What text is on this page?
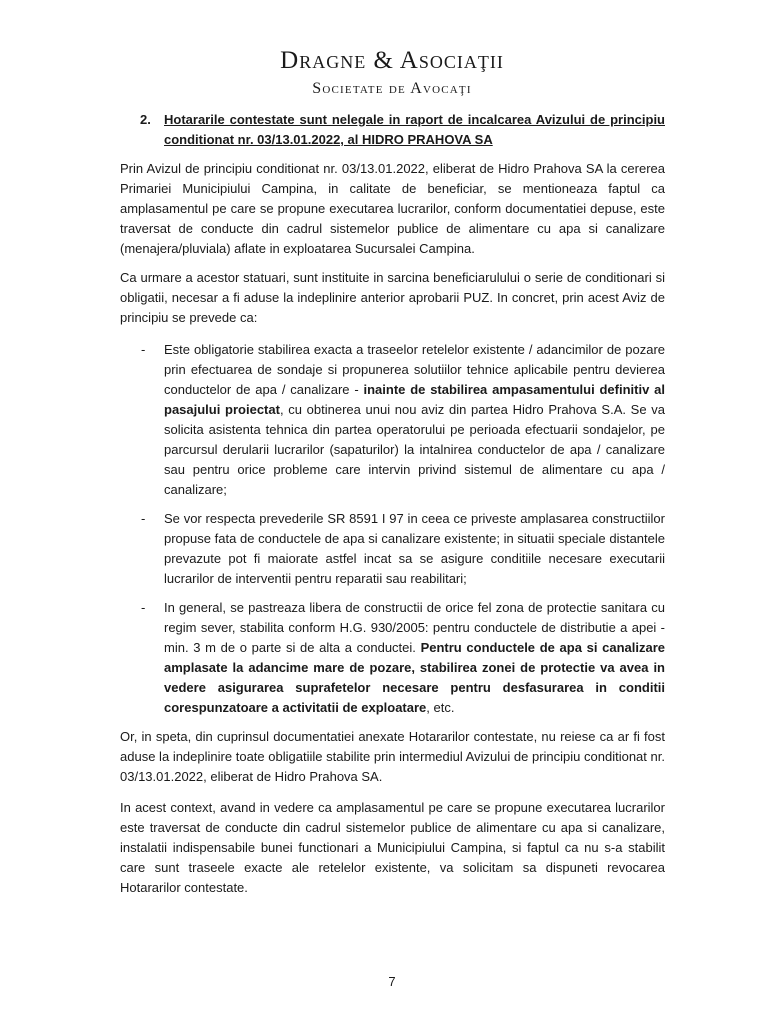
Dragne & Asociaţii
Societate de Avocaţi
2. Hotararile contestate sunt nelegale in raport de incalcarea Avizului de principiu conditionat nr. 03/13.01.2022, al HIDRO PRAHOVA SA

Prin Avizul de principiu conditionat nr. 03/13.01.2022, eliberat de Hidro Prahova SA la cererea Primariei Municipiului Campina, in calitate de beneficiar, se mentioneaza faptul ca amplasamentul pe care se propune executarea lucrarilor, conform documentatiei depuse, este traversat de conducte din cadrul sistemelor publice de alimentare cu apa si canalizare (menajera/pluviala) aflate in exploatarea Sucursalei Campina.

Ca urmare a acestor statuari, sunt instituite in sarcina beneficiarulului o serie de conditionari si obligatii, necesar a fi aduse la indeplinire anterior aprobarii PUZ. In concret, prin acest Aviz de principiu se prevede ca:

- Este obligatorie stabilirea exacta a traseelor retelelor existente / adancimilor de pozare prin efectuarea de sondaje si propunerea solutiilor tehnice aplicabile pentru devierea conductelor de apa / canalizare - inainte de stabilirea ampasamentului definitiv al pasajului proiectat, cu obtinerea unui nou aviz din partea Hidro Prahova S.A. Se va solicita asistenta tehnica din partea operatorului pe perioada efectuarii sondajelor, pe parcursul derularii lucrarilor (sapaturilor) la intalnirea conductelor de apa / canalizare sau pentru orice probleme care intervin privind sistemul de alimentare cu apa / canalizare;
- Se vor respecta prevederile SR 8591 I 97 in ceea ce priveste amplasarea constructiilor propuse fata de conductele de apa si canalizare existente; in situatii speciale distantele prevazute pot fi maiorate astfel incat sa se asigure conditiile necesare executarii lucrarilor de interventii pentru reparatii sau reabilitari;
- In general, se pastreaza libera de constructii de orice fel zona de protectie sanitara cu regim sever, stabilita conform H.G. 930/2005: pentru conductele de distributie a apei - min. 3 m de o parte si de alta a conductei. Pentru conductele de apa si canalizare amplasate la adancime mare de pozare, stabilirea zonei de protectie va avea in vedere asigurarea suprafetelor necesare pentru desfasurarea in conditii corespunzatoare a activitatii de exploatare, etc.

Or, in speta, din cuprinsul documentatiei anexate Hotararilor contestate, nu reiese ca ar fi fost aduse la indeplinire toate obligatiile stabilite prin intermediul Avizului de principiu conditionat nr. 03/13.01.2022, eliberat de Hidro Prahova SA.

In acest context, avand in vedere ca amplasamentul pe care se propune executarea lucrarilor este traversat de conducte din cadrul sistemelor publice de alimentare cu apa si canalizare, instalatii indispensabile bunei functionari a Municipiului Campina, si faptul ca nu s-a stabilit care sunt traseele exacte ale retelelor existente, va solicitam sa dispuneti revocarea Hotararilor contestate.

7
